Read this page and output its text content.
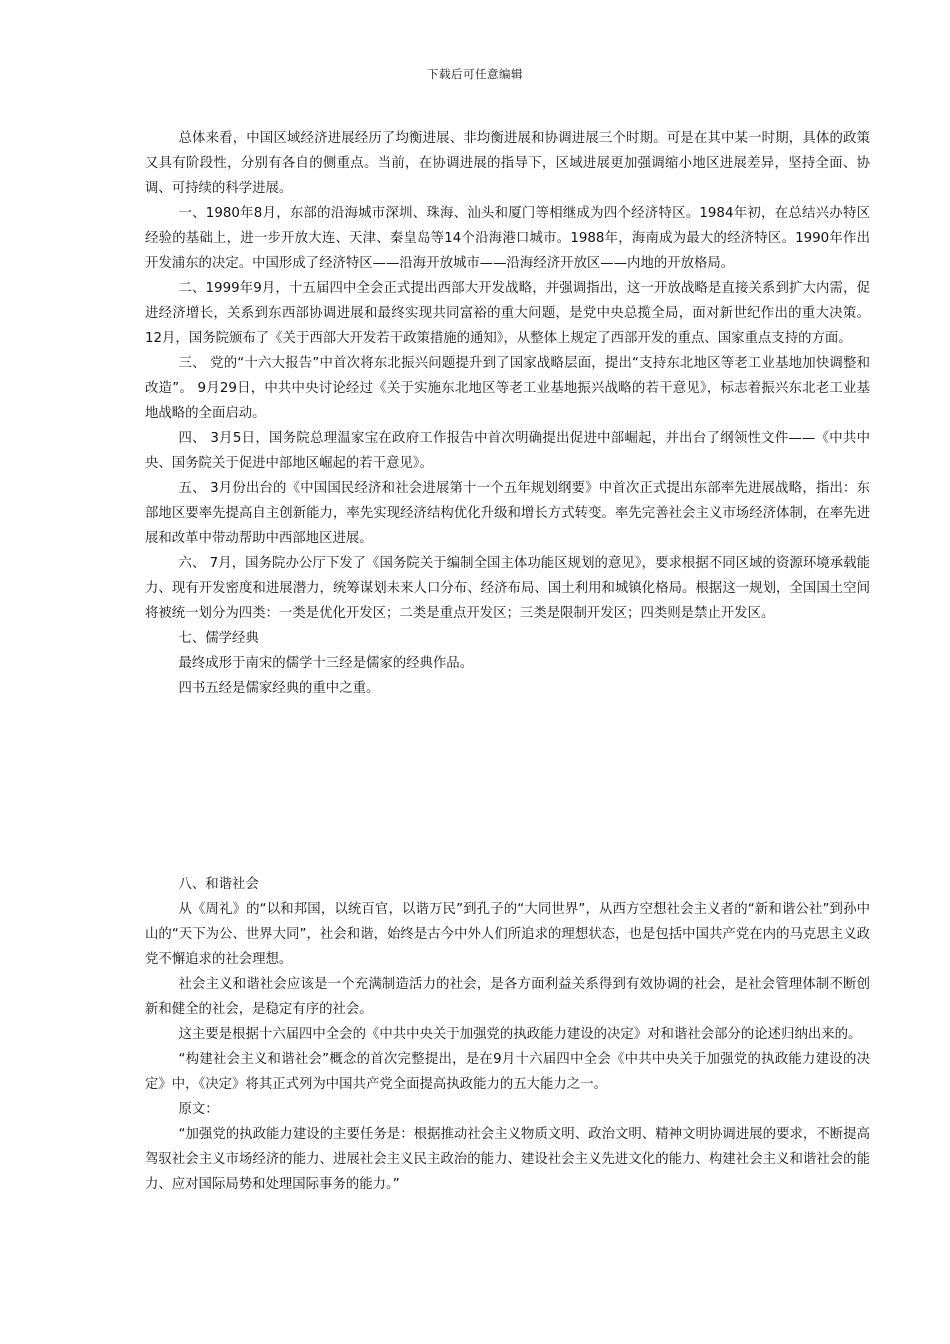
下载后可任意编辑

总体来看，中国区域经济进展经历了均衡进展、非均衡进展和协调进展三个时期。可是在其中某一时期，具体的政策又具有阶段性，分别有各自的侧重点。当前，在协调进展的指导下，区域进展更加强调缩小地区进展差异，坚持全面、协调、可持续的科学进展。

一、1980年8月，东部的沿海城市深圳、珠海、汕头和厦门等相继成为四个经济特区。1984年初，在总结兴办特区经验的基础上，进一步开放大连、天津、秦皇岛等14个沿海港口城市。1988年，海南成为最大的经济特区。1990年作出开发浦东的决定。中国形成了经济特区——沿海开放城市——沿海经济开放区——内地的开放格局。

二、1999年9月，十五届四中全会正式提出西部大开发战略，并强调指出，这一开放战略是直接关系到扩大内需，促进经济增长，关系到东西部协调进展和最终实现共同富裕的重大问题，是党中央总揽全局，面对新世纪作出的重大决策。 12月，国务院颁布了《关于西部大开发若干政策措施的通知》，从整体上规定了西部开发的重点、国家重点支持的方面。

三、 党的“十六大报告”中首次将东北振兴问题提升到了国家战略层面，提出“支持东北地区等老工业基地加快调整和改造”。 9月29日，中共中央讨论经过《关于实施东北地区等老工业基地振兴战略的若干意见》，标志着振兴东北老工业基地战略的全面启动。

四、 3月5日，国务院总理温家宝在政府工作报告中首次明确提出促进中部崛起，并出台了纲领性文件——《中共中央、国务院关于促进中部地区崛起的若干意见》。

五、 3月份出台的《中国国民经济和社会进展第十一个五年规划纲要》中首次正式提出东部率先进展战略，指出：东部地区要率先提高自主创新能力，率先实现经济结构优化升级和增长方式转变。率先完善社会主义市场经济体制，在率先进展和改革中带动帮助中西部地区进展。

六、 7月，国务院办公厅下发了《国务院关于编制全国主体功能区规划的意见》，要求根据不同区域的资源环境承载能力、现有开发密度和进展潜力，统筹谋划未来人口分布、经济布局、国土利用和城镇化格局。根据这一规划，全国国土空间将被统一划分为四类：一类是优化开发区；二类是重点开发区；三类是限制开发区；四类则是禁止开发区。

七、儒学经典

最终成形于南宋的儒学十三经是儒家的经典作品。

四书五经是儒家经典的重中之重。

八、和谐社会

从《周礼》的“以和邦国，以统百官，以谐万民”到孔子的“大同世界”，从西方空想社会主义者的“新和谐公社”到孙中山的“天下为公、世界大同”，社会和谐，始终是古今中外人们所追求的理想状态，也是包括中国共产党在内的马克思主义政党不懈追求的社会理想。

社会主义和谐社会应该是一个充满制造活力的社会，是各方面利益关系得到有效协调的社会，是社会管理体制不断创新和健全的社会，是稳定有序的社会。

这主要是根据十六届四中全会的《中共中央关于加强党的执政能力建设的决定》对和谐社会部分的论述归纳出来的。

“构建社会主义和谐社会”概念的首次完整提出，是在9月十六届四中全会《中共中央关于加强党的执政能力建设的决定》中，《决定》将其正式列为中国共产党全面提高执政能力的五大能力之一。

原文：

“加强党的执政能力建设的主要任务是：根据推动社会主义物质文明、政治文明、精神文明协调进展的要求，不断提高驾驭社会主义市场经济的能力、进展社会主义民主政治的能力、建设社会主义先进文化的能力、构建社会主义和谐社会的能力、应对国际局势和处理国际事务的能力。”
